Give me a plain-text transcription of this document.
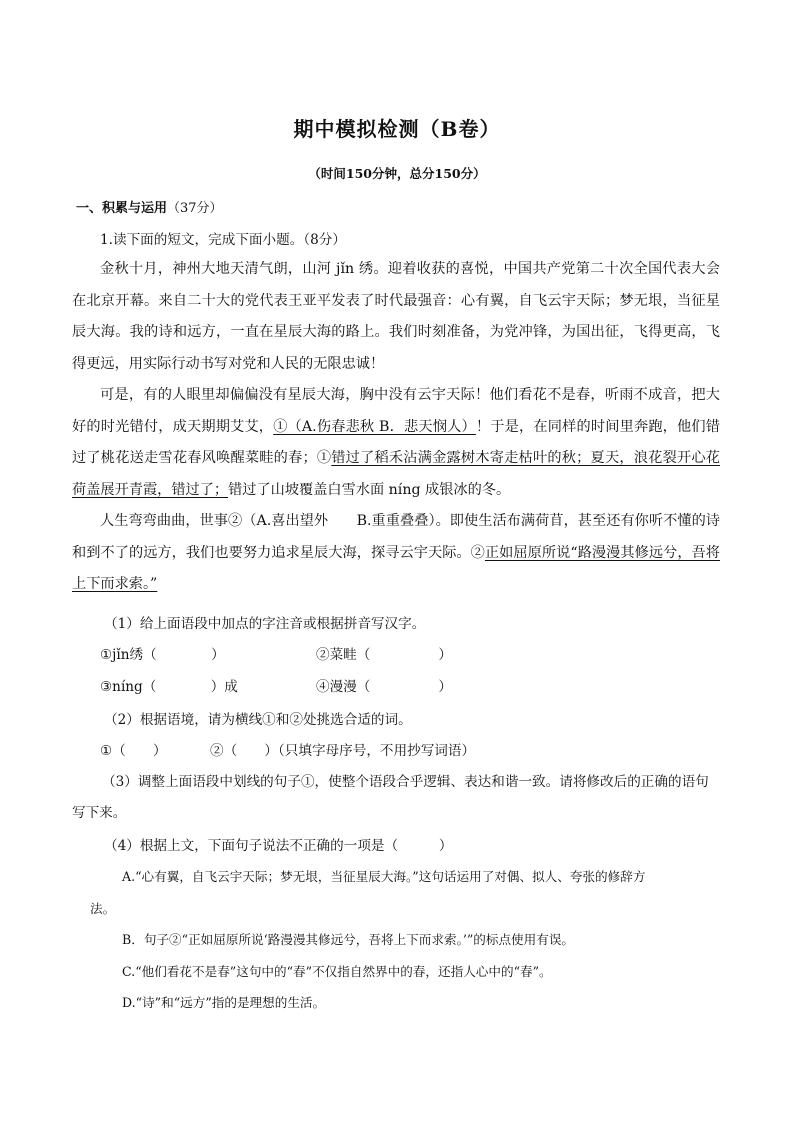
期中模拟检测（B卷）
（时间150分钟，总分150分）
一、积累与运用（37分）
1.读下面的短文，完成下面小题。（8分）

金秋十月，神州大地天清气朗，山河 jǐn 绣。迎着收获的喜悦，中国共产党第二十次全国代表大会在北京开幕。来自二十大的党代表王亚平发表了时代最强音：心有翼，自飞云宇天际；梦无垠，当征星辰大海。我的诗和远方，一直在星辰大海的路上。我们时刻准备，为党冲锋，为国出征，飞得更高，飞得更远，用实际行动书写对党和人民的无限忠诚！

可是，有的人眼里却偏偏没有星辰大海，胸中没有云宇天际！他们看花不是春，听雨不成音，把大好的时光错付，成天期期艾艾，①（A.伤春悲秋 B．悲天悯人）！于是，在同样的时间里奔跑，他们错过了桃花送走雪花春风唤醒菜畦的春；①错过了稻禾沾满金露树木寄走枯叶的秋；夏天，浪花裂开心花荷盖展开青霞，错过了；错过了山坡覆盖白雪水面 níng 成银冰的冬。

人生弯弯曲曲，世事②（A.喜出望外　　B.重重叠叠）。即使生活布满荷苜，甚至还有你听不懂的诗和到不了的远方，我们也要努力追求星辰大海，探寻云宇天际。②正如屈原所说“路漫漫其修远兮，吾将上下而求索。”

（1）给上面语段中加点的字注音或根据拼音写汉字。
①jǐn绣（　　　　）	②菜畦（　　　　　）
③níng（　　　　）成	④漫漫（　　　　　）
（2）根据语境，请为横线①和②处挑选合适的词。
①（　　）	②（　　）（只填字母序号，不用抄写词语）
（3）调整上面语段中划线的句子①，使整个语段合乎逻辑、表达和谐一致。请将修改后的正确的语句
写下来。
（4）根据上文，下面句子说法不正确的一项是（　　　）
A.“心有翼，自飞云宇天际；梦无垠，当征星辰大海。”这句话运用了对偶、拟人、夸张的修辞方
法。
B．句子②“正如屈原所说‘路漫漫其修远兮，吾将上下而求索。’”的标点使用有误。
C.“他们看花不是春”这句中的“春”不仅指自然界中的春，还指人心中的“春”。
D.“诗”和“远方”指的是理想的生活。
